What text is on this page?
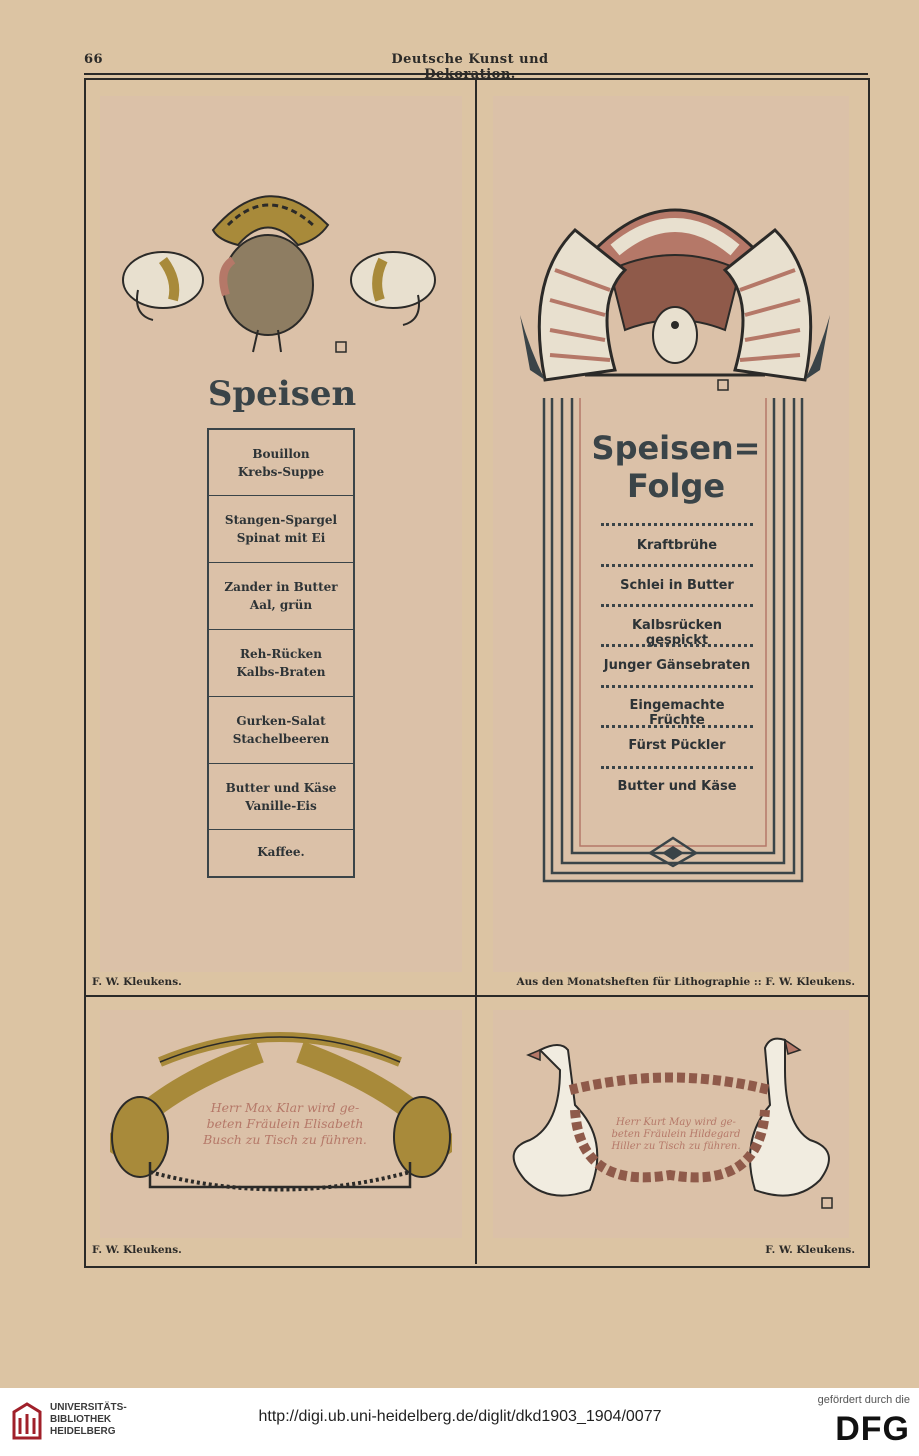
66	Deutsche Kunst und Dekoration.
Speisen
Bouillon
Krebs-Suppe
Stangen-Spargel
Spinat mit Ei
Zander in Butter
Aal, grün
Reh-Rücken
Kalbs-Braten
Gurken-Salat
Stachelbeeren
Butter und Käse
Vanille-Eis
Kaffee.
F. W. Kleukens.
Speisen=
Folge
Kraftbrühe
Schlei in Butter
Kalbsrücken gespickt
Junger Gänsebraten
Eingemachte Früchte
Fürst Pückler
Butter und Käse
Aus den Monatsheften für Lithographie :: F. W. Kleukens.
Herr Max Klar wird ge-
beten Fräulein Elisabeth
Busch zu Tisch zu führen.
F. W. Kleukens.
Herr Kurt May wird ge-
beten Fräulein Hildegard
Hiller zu Tisch zu führen.
F. W. Kleukens.
UNIVERSITÄTS-
BIBLIOTHEK
HEIDELBERG
http://digi.ub.uni-heidelberg.de/diglit/dkd1903_1904/0077
gefördert durch die
DFG
